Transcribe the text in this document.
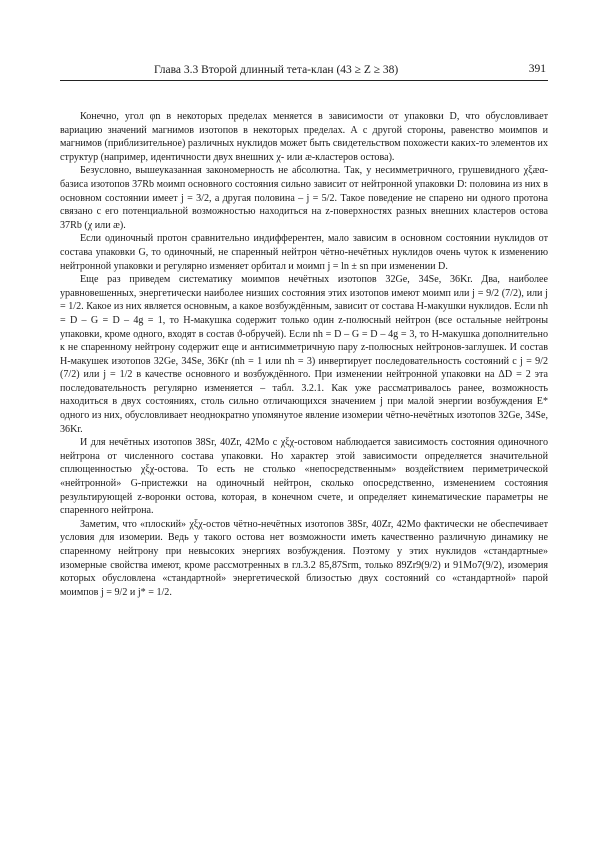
Глава 3.3 Второй длинный тета-клан (43 ≥ Z ≥ 38)	391

Конечно, угол φn в некоторых пределах меняется в зависимости от упаковки D, что обусловливает вариацию значений магнимов изотопов в некоторых пределах. А с другой стороны, равенство моимпов и магнимов (приблизительное) различных нуклидов может быть свидетельством похожести каких-то элементов их структур (например, идентичности двух внешних χ- или æ-кластеров остова).

Безусловно, вышеуказанная закономерность не абсолютна. Так, у несимметричного, грушевидного χξæα-базиса изотопов 37Rb моимп основного состояния сильно зависит от нейтронной упаковки D: половина из них в основном состоянии имеет j = 3/2, а другая половина – j = 5/2. Такое поведение не спарено ни одного протона связано с его потенциальной возможностью находиться на z-поверхностях разных внешних кластеров остова 37Rb (χ или æ).

Если одиночный протон сравнительно индифферентен, мало зависим в основном состоянии нуклидов от состава упаковки G, то одиночный, не спаренный нейтрон чётно-нечётных нуклидов очень чуток к изменению нейтронной упаковки и регулярно изменяет орбитал и моимп j = ln ± sn при изменении D.

Еще раз приведем систематику моимпов нечётных изотопов 32Ge, 34Se, 36Kr. Два, наиболее уравновешенных, энергетически наиболее низших состояния этих изотопов имеют моимп или j = 9/2 (7/2), или j = 1/2. Какое из них является основным, а какое возбуждённым, зависит от состава H-макушки нуклидов. Если nh = D – G = D – 4g = 1, то H-макушка содержит только один z-полюсный нейтрон (все остальные нейтроны упаковки, кроме одного, входят в состав ϑ-обручей). Если nh = D – G = D – 4g = 3, то H-макушка дополнительно к не спаренному нейтрону содержит еще и антисимметричную пару z-полюсных нейтронов-заглушек. И состав H-макушек изотопов 32Ge, 34Se, 36Kr (nh = 1 или nh = 3) инвертирует последовательность состояний с j = 9/2 (7/2) или j = 1/2 в качестве основного и возбуждённого. При изменении нейтронной упаковки на ΔD = 2 эта последовательность регулярно изменяется – табл. 3.2.1. Как уже рассматривалось ранее, возможность находиться в двух состояниях, столь сильно отличающихся значением j при малой энергии возбуждения E* одного из них, обусловливает неоднократно упомянутое явление изомерии чётно-нечётных изотопов 32Ge, 34Se, 36Kr.

И для нечётных изотопов 38Sr, 40Zr, 42Mo с χξχ-остовом наблюдается зависимость состояния одиночного нейтрона от численного состава упаковки. Но характер этой зависимости определяется значительной сплющенностью χξχ-остова. То есть не столько «непосредственным» воздействием периметрической «нейтронной» G-пристежки на одиночный нейтрон, сколько опосредственно, изменением состояния результирующей z-воронки остова, которая, в конечном счете, и определяет кинематические параметры не спаренного нейтрона.

Заметим, что «плоский» χξχ-остов чётно-нечётных изотопов 38Sr, 40Zr, 42Mo фактически не обеспечивает условия для изомерии. Ведь у такого остова нет возможности иметь качественно различную динамику не спаренному нейтрону при невысоких энергиях возбуждения. Поэтому у этих нуклидов «стандартные» изомерные свойства имеют, кроме рассмотренных в гл.3.2 85,87Srm, только 89Zr9(9/2) и 91Mo7(9/2), изомерия которых обусловлена «стандартной» энергетической близостью двух состояний со «стандартной» парой моимпов j = 9/2 и j* = 1/2.
